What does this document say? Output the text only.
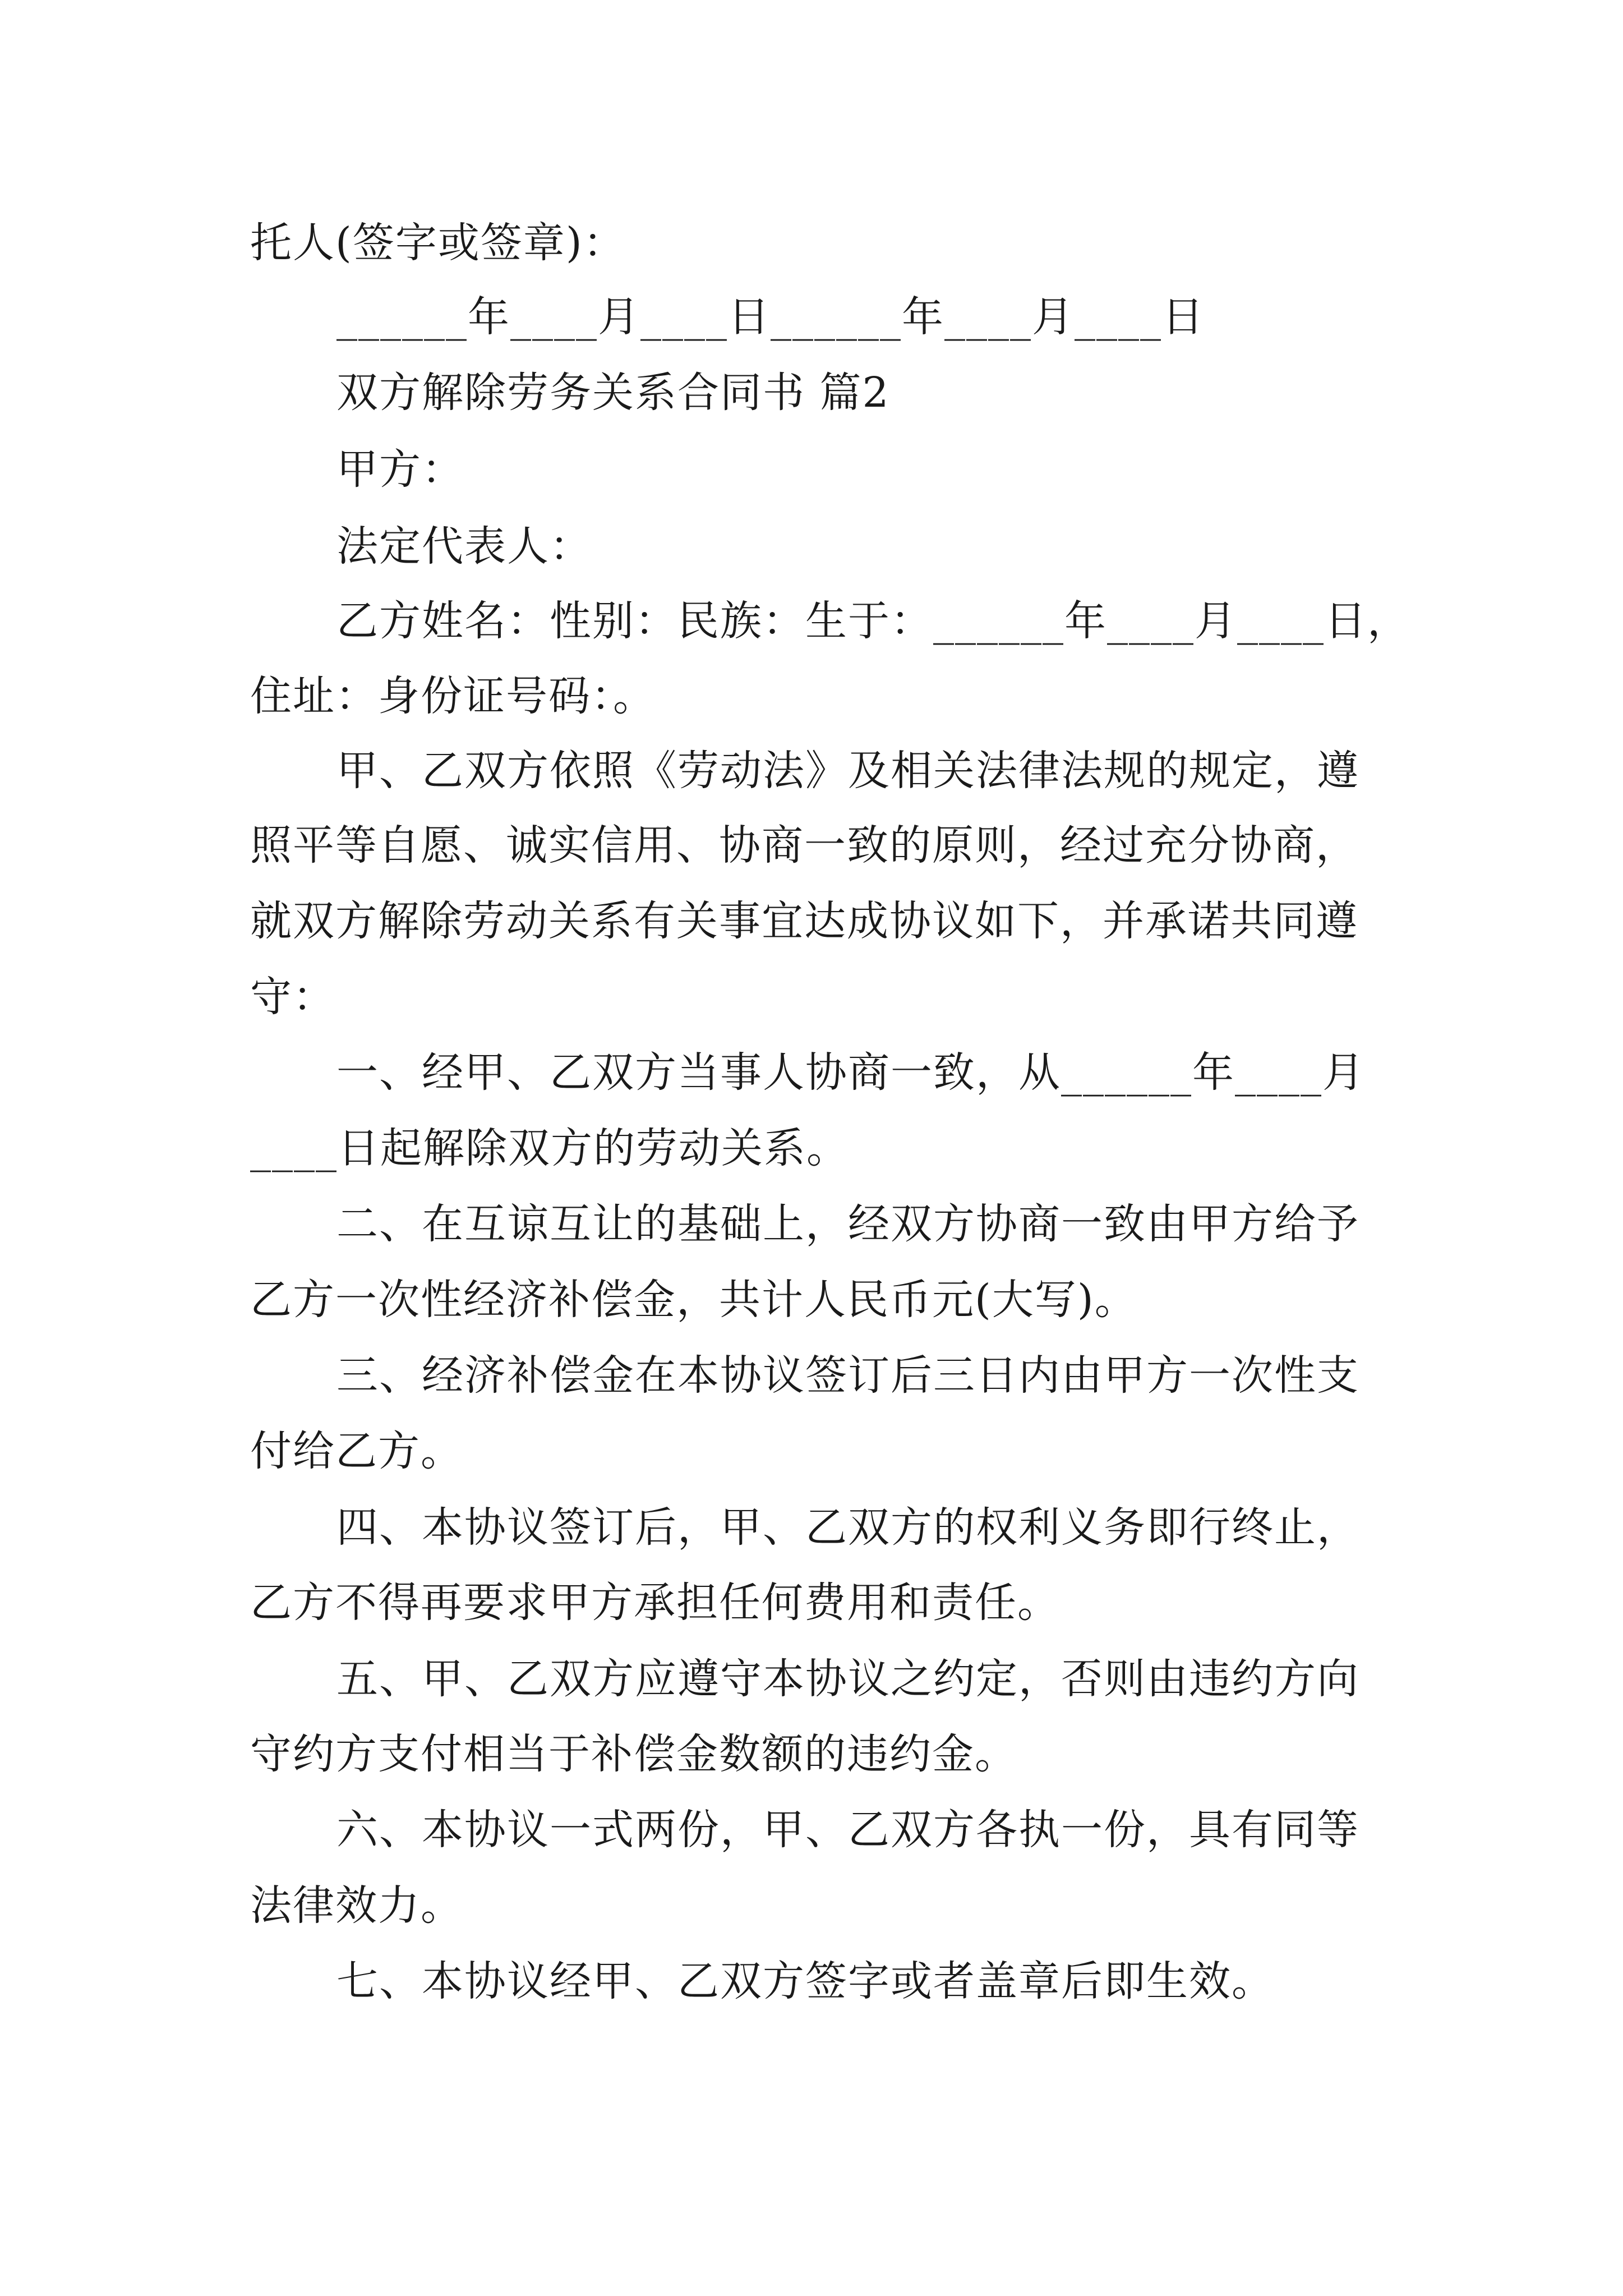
托人(签字或签章)：
______年____月____日______年____月____日
双方解除劳务关系合同书 篇2
甲方：
法定代表人：
乙方姓名：性别：民族：生于：______年____月____日，
住址：身份证号码：。
甲、乙双方依照《劳动法》及相关法律法规的规定，遵
照平等自愿、诚实信用、协商一致的原则，经过充分协商，
就双方解除劳动关系有关事宜达成协议如下，并承诺共同遵
守：
一、经甲、乙双方当事人协商一致，从______年____月
____日起解除双方的劳动关系。
二、在互谅互让的基础上，经双方协商一致由甲方给予
乙方一次性经济补偿金，共计人民币元(大写)。
三、经济补偿金在本协议签订后三日内由甲方一次性支
付给乙方。
四、本协议签订后，甲、乙双方的权利义务即行终止，
乙方不得再要求甲方承担任何费用和责任。
五、甲、乙双方应遵守本协议之约定，否则由违约方向
守约方支付相当于补偿金数额的违约金。
六、本协议一式两份，甲、乙双方各执一份，具有同等
法律效力。
七、本协议经甲、乙双方签字或者盖章后即生效。
